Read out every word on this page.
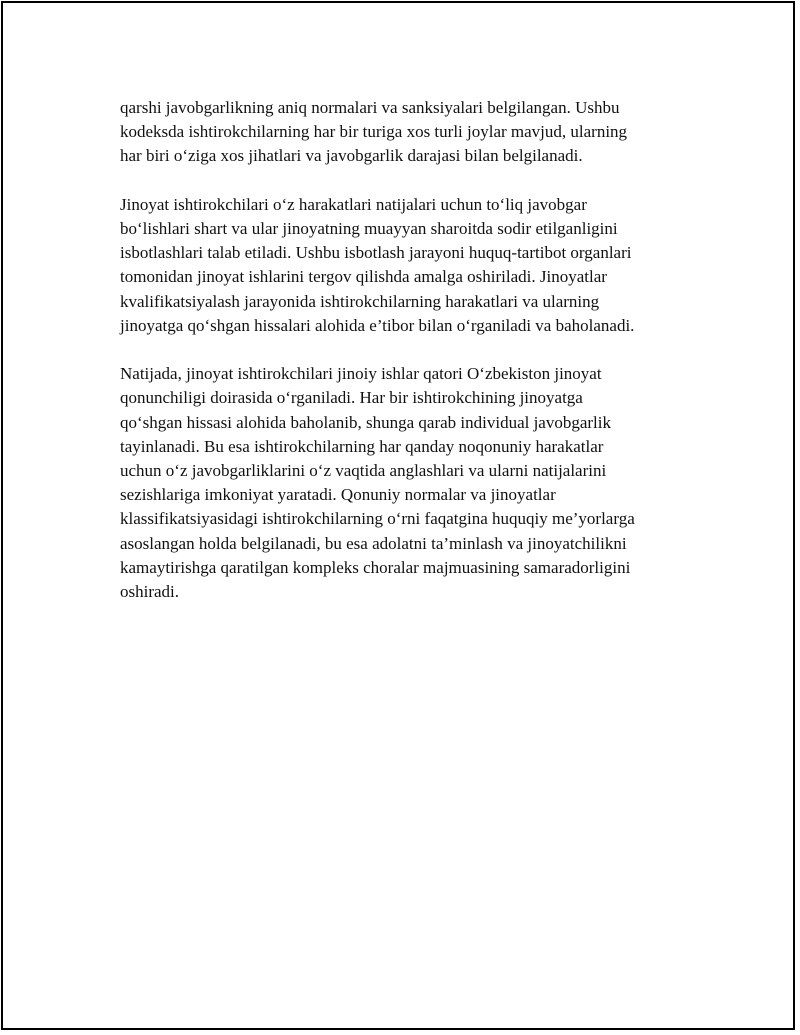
qarshi javobgarlikning aniq normalari va sanksiyalari belgilangan. Ushbu
kodeksda ishtirokchilarning har bir turiga xos turli joylar mavjud, ularning
har biri o‘ziga xos jihatlari va javobgarlik darajasi bilan belgilanadi.

Jinoyat ishtirokchilari o‘z harakatlari natijalari uchun to‘liq javobgar
bo‘lishlari shart va ular jinoyatning muayyan sharoitda sodir etilganligini
isbotlashlari talab etiladi. Ushbu isbotlash jarayoni huquq-tartibot organlari
tomonidan jinoyat ishlarini tergov qilishda amalga oshiriladi. Jinoyatlar
kvalifikatsiyalash jarayonida ishtirokchilarning harakatlari va ularning
jinoyatga qo‘shgan hissalari alohida e’tibor bilan o‘rganiladi va baholanadi.

Natijada, jinoyat ishtirokchilari jinoiy ishlar qatori O‘zbekiston jinoyat
qonunchiligi doirasida o‘rganiladi. Har bir ishtirokchining jinoyatga
qo‘shgan hissasi alohida baholanib, shunga qarab individual javobgarlik
tayinlanadi. Bu esa ishtirokchilarning har qanday noqonuniy harakatlar
uchun o‘z javobgarliklarini o‘z vaqtida anglashlari va ularni natijalarini
sezishlariga imkoniyat yaratadi. Qonuniy normalar va jinoyatlar
klassifikatsiyasidagi ishtirokchilarning o‘rni faqatgina huquqiy me’yorlarga
asoslangan holda belgilanadi, bu esa adolatni ta’minlash va jinoyatchilikni
kamaytirishga qaratilgan kompleks choralar majmuasining samaradorligini
oshiradi.
